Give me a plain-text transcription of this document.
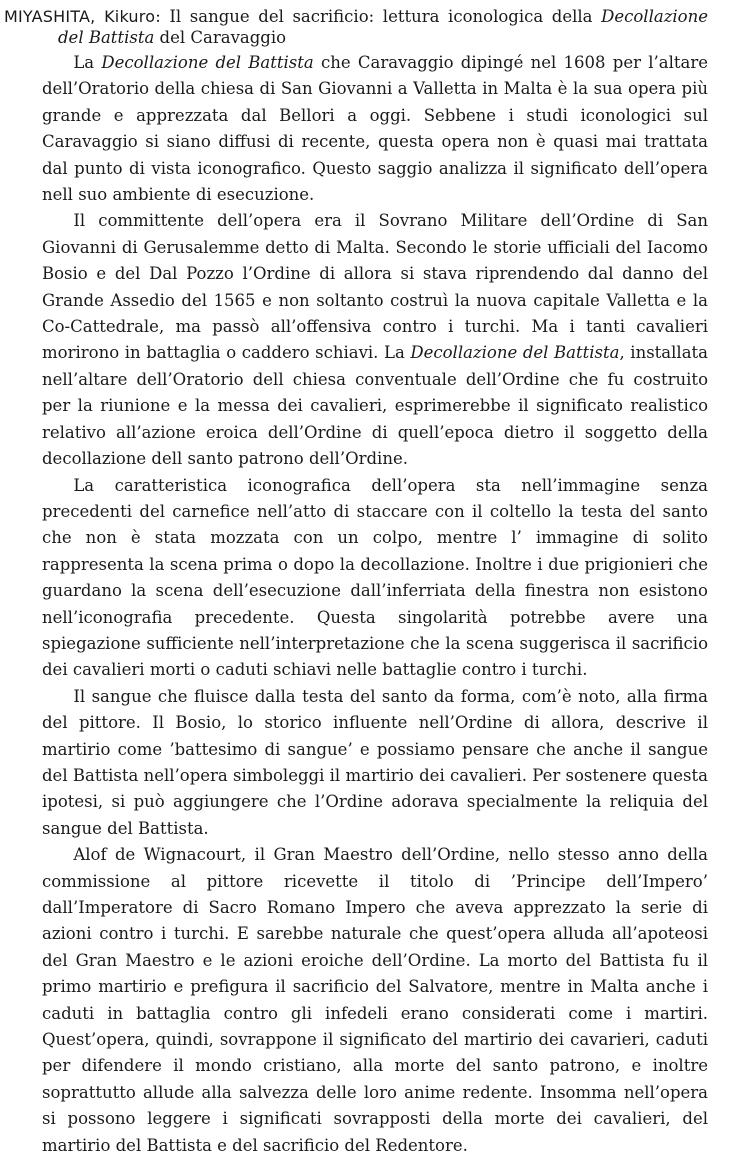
MIYASHITA, Kikuro: Il sangue del sacrificio: lettura iconologica della Decollazione del Battista del Caravaggio

La Decollazione del Battista che Caravaggio dipingé nel 1608 per l’altare dell’Oratorio della chiesa di San Giovanni a Valletta in Malta è la sua opera più grande e apprezzata dal Bellori a oggi. Sebbene i studi iconologici sul Caravaggio si siano diffusi di recente, questa opera non è quasi mai trattata dal punto di vista iconografico. Questo saggio analizza il significato dell’opera nell suo ambiente di esecuzione.

Il committente dell’opera era il Sovrano Militare dell’Ordine di San Giovanni di Gerusalemme detto di Malta. Secondo le storie ufficiali del Iacomo Bosio e del Dal Pozzo l’Ordine di allora si stava riprendendo dal danno del Grande Assedio del 1565 e non soltanto costruì la nuova capitale Valletta e la Co-Cattedrale, ma passò all’offensiva contro i turchi. Ma i tanti cavalieri morirono in battaglia o caddero schiavi. La Decollazione del Battista, installata nell’altare dell’Oratorio dell chiesa conventuale dell’Ordine che fu costruito per la riunione e la messa dei cavalieri, esprimerebbe il significato realistico relativo all’azione eroica dell’Ordine di quell’epoca dietro il soggetto della decollazione dell santo patrono dell’Ordine.

La caratteristica iconografica dell’opera sta nell’immagine senza precedenti del carnefice nell’atto di staccare con il coltello la testa del santo che non è stata mozzata con un colpo, mentre l’ immagine di solito rappresenta la scena prima o dopo la decollazione. Inoltre i due prigionieri che guardano la scena dell’esecuzione dall’inferriata della finestra non esistono nell’iconografia precedente. Questa singolarità potrebbe avere una spiegazione sufficiente nell’interpretazione che la scena suggerisca il sacrificio dei cavalieri morti o caduti schiavi nelle battaglie contro i turchi.

Il sangue che fluisce dalla testa del santo da forma, com’è noto, alla firma del pittore. Il Bosio, lo storico influente nell’Ordine di allora, descrive il martirio come ’battesimo di sangue’ e possiamo pensare che anche il sangue del Battista nell’opera simboleggi il martirio dei cavalieri. Per sostenere questa ipotesi, si può aggiungere che l’Ordine adorava specialmente la reliquia del sangue del Battista.

Alof de Wignacourt, il Gran Maestro dell’Ordine, nello stesso anno della commissione al pittore ricevette il titolo di ’Principe dell’Impero’ dall’Imperatore di Sacro Romano Impero che aveva apprezzato la serie di azioni contro i turchi. E sarebbe naturale che quest’opera alluda all’apoteosi del Gran Maestro e le azioni eroiche dell’Ordine. La morto del Battista fu il primo martirio e prefigura il sacrificio del Salvatore, mentre in Malta anche i caduti in battaglia contro gli infedeli erano considerati come i martiri. Quest’opera, quindi, sovrappone il significato del martirio dei cavarieri, caduti per difendere il mondo cristiano, alla morte del santo patrono, e inoltre soprattutto allude alla salvezza delle loro anime redente. Insomma nell’opera si possono leggere i significati sovrapposti della morte dei cavalieri, del martirio del Battista e del sacrificio del Redentore.
